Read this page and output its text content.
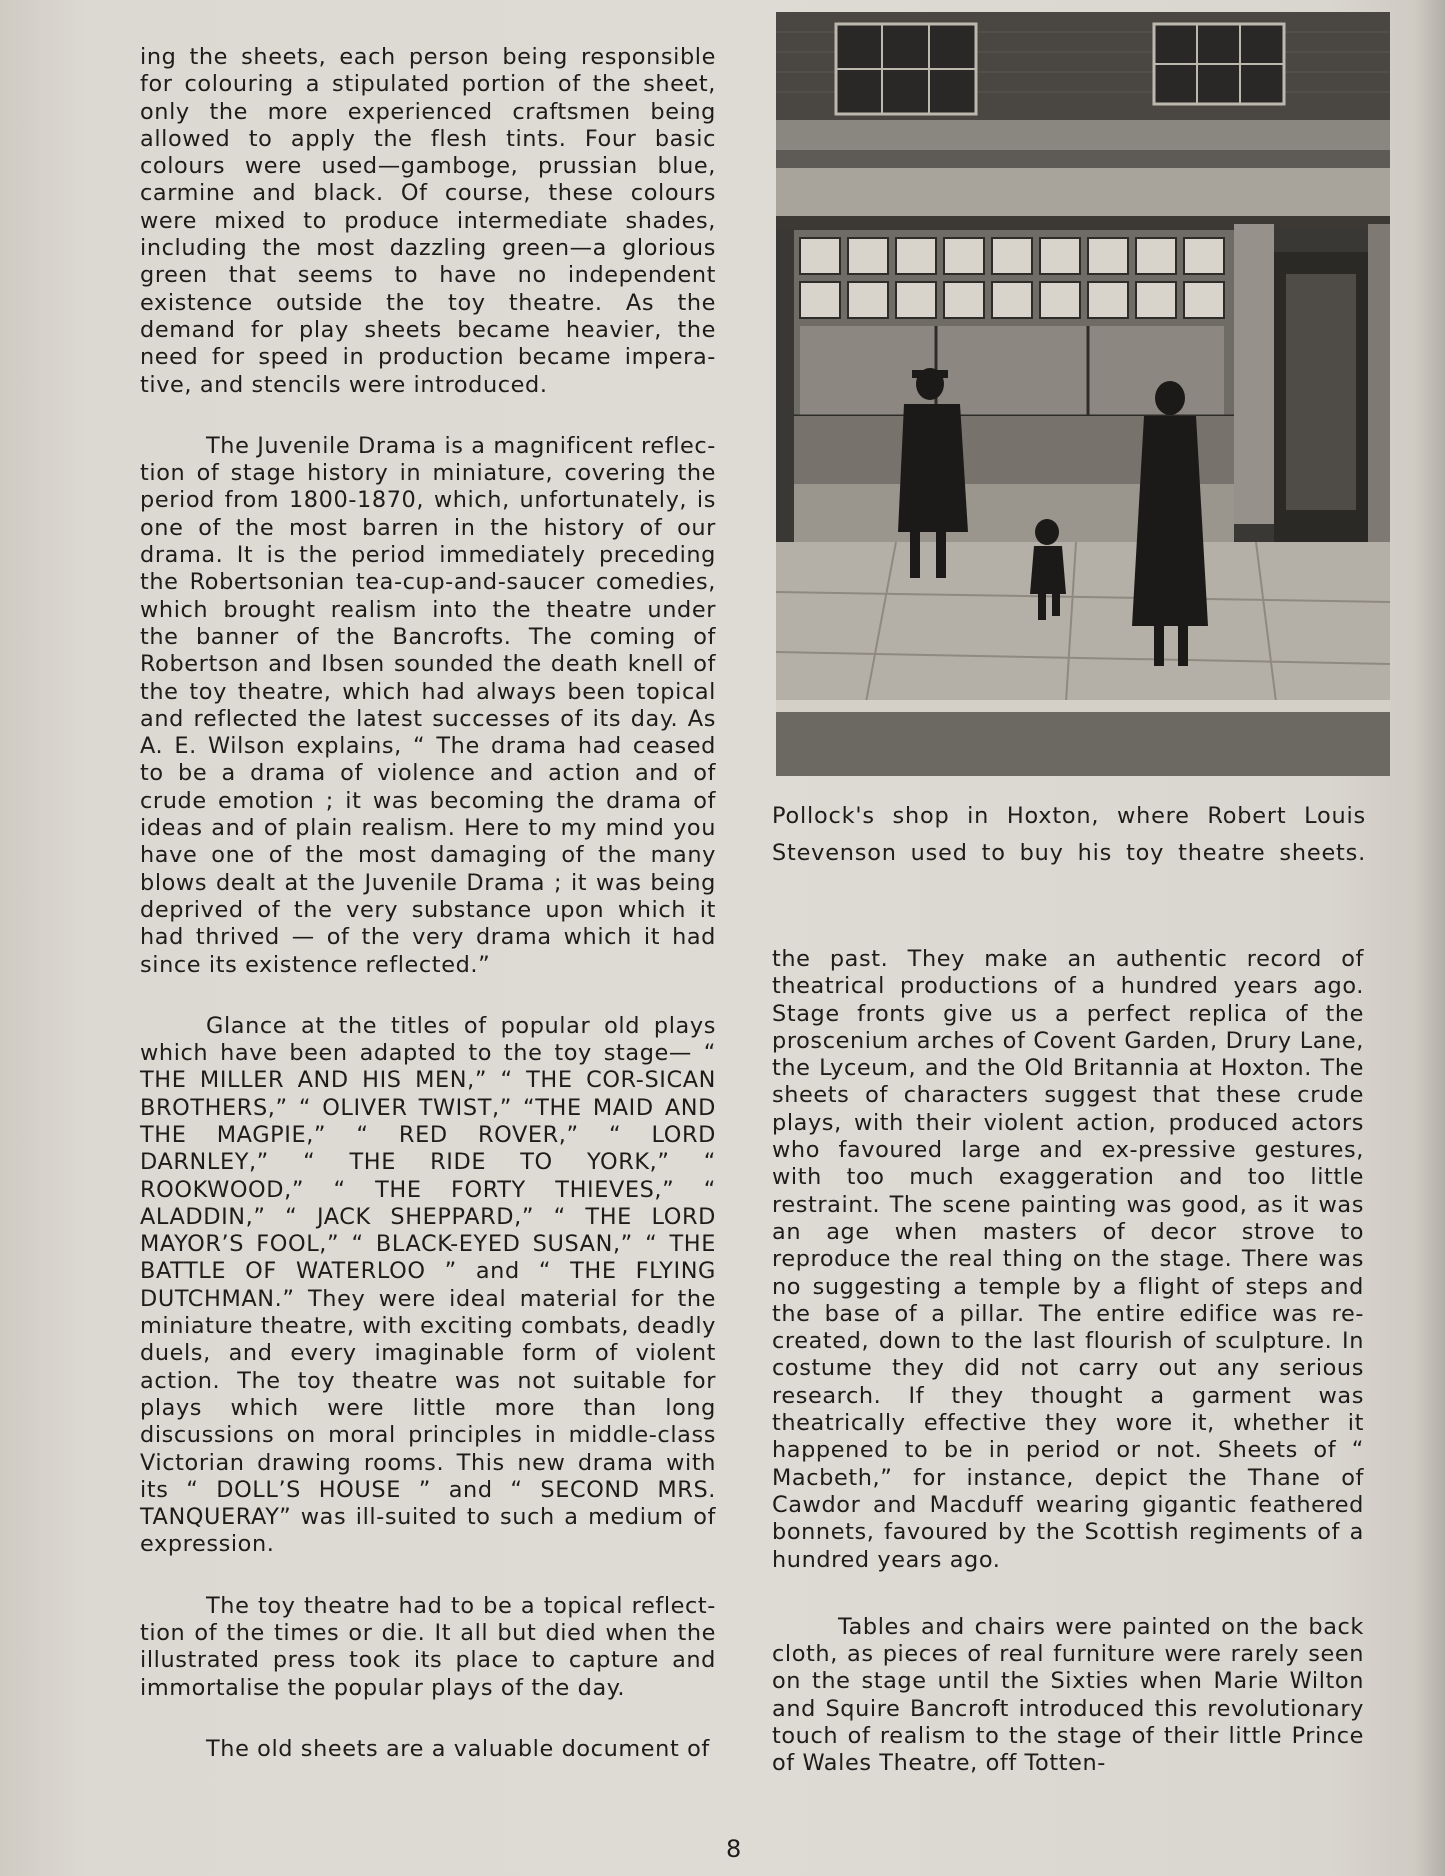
ing the sheets, each person being responsible for colouring a stipulated portion of the sheet, only the more experienced craftsmen being allowed to apply the flesh tints. Four basic colours were used—gamboge, prussian blue, carmine and black. Of course, these colours were mixed to produce intermediate shades, including the most dazzling green—a glorious green that seems to have no independent existence outside the toy theatre. As the demand for play sheets became heavier, the need for speed in production became impera-tive, and stencils were introduced.

The Juvenile Drama is a magnificent reflec-tion of stage history in miniature, covering the period from 1800-1870, which, unfortunately, is one of the most barren in the history of our drama. It is the period immediately preceding the Robertsonian tea-cup-and-saucer comedies, which brought realism into the theatre under the banner of the Bancrofts. The coming of Robertson and Ibsen sounded the death knell of the toy theatre, which had always been topical and reflected the latest successes of its day. As A. E. Wilson explains, “ The drama had ceased to be a drama of violence and action and of crude emotion ; it was becoming the drama of ideas and of plain realism. Here to my mind you have one of the most damaging of the many blows dealt at the Juvenile Drama ; it was being deprived of the very substance upon which it had thrived — of the very drama which it had since its existence reflected.”

Glance at the titles of popular old plays which have been adapted to the toy stage— “ THE MILLER AND HIS MEN,” “ THE COR-SICAN BROTHERS,” “ OLIVER TWIST,” “THE MAID AND THE MAGPIE,” “ RED ROVER,” “ LORD DARNLEY,” “ THE RIDE TO YORK,” “ ROOKWOOD,” “ THE FORTY THIEVES,” “ ALADDIN,” “ JACK SHEPPARD,” “ THE LORD MAYOR’S FOOL,” “ BLACK-EYED SUSAN,” “ THE BATTLE OF WATERLOO ” and “ THE FLYING DUTCHMAN.” They were ideal material for the miniature theatre, with exciting combats, deadly duels, and every imaginable form of violent action. The toy theatre was not suitable for plays which were little more than long discussions on moral principles in middle-class Victorian drawing rooms. This new drama with its “ DOLL’S HOUSE ” and “ SECOND MRS. TANQUERAY” was ill-suited to such a medium of expression.

The toy theatre had to be a topical reflect-tion of the times or die. It all but died when the illustrated press took its place to capture and immortalise the popular plays of the day.

The old sheets are a valuable document of

Pollock's shop in Hoxton, where Robert Louis Stevenson used to buy his toy theatre sheets.

the past. They make an authentic record of theatrical productions of a hundred years ago. Stage fronts give us a perfect replica of the proscenium arches of Covent Garden, Drury Lane, the Lyceum, and the Old Britannia at Hoxton. The sheets of characters suggest that these crude plays, with their violent action, produced actors who favoured large and ex-pressive gestures, with too much exaggeration and too little restraint. The scene painting was good, as it was an age when masters of decor strove to reproduce the real thing on the stage. There was no suggesting a temple by a flight of steps and the base of a pillar. The entire edifice was re-created, down to the last flourish of sculpture. In costume they did not carry out any serious research. If they thought a garment was theatrically effective they wore it, whether it happened to be in period or not. Sheets of “ Macbeth,” for instance, depict the Thane of Cawdor and Macduff wearing gigantic feathered bonnets, favoured by the Scottish regiments of a hundred years ago.

Tables and chairs were painted on the back cloth, as pieces of real furniture were rarely seen on the stage until the Sixties when Marie Wilton and Squire Bancroft introduced this revolutionary touch of realism to the stage of their little Prince of Wales Theatre, off Totten-

8
